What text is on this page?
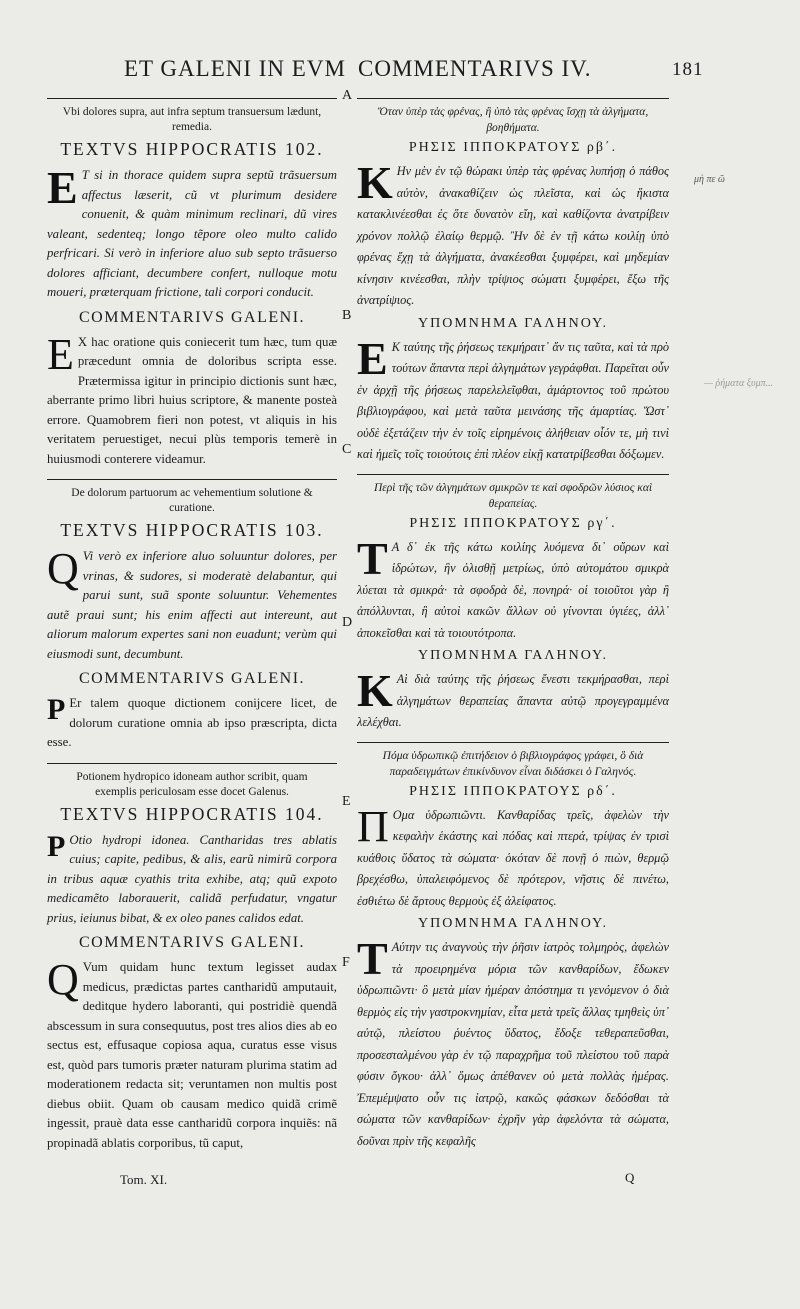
ET GALENI IN EVM COMMENTARIVS IV.	181
A
B
C
D
E
F
μὴ πε ῶ
— ῥήματα ξυμπ...
Vbi dolores supra, aut infra septum transuersum lædunt, remedia.
TEXTVS HIPPOCRATIS 102.

E T si in thorace quidem supra septũ trãsuersum affectus læserit, cũ vt plurimum desidere conuenit, & quàm minimum reclinari, dũ vires valeant, sedenteq; longo tẽpore oleo multo calido perfricari. Si verò in inferiore aluo sub septo trãsuerso dolores afficiant, decumbere confert, nulloque motu moueri, præterquam frictione, tali corpori conducit.

COMMENTARIVS GALENI.

E X hac oratione quis coniecerit tum hæc, tum quæ præcedunt omnia de doloribus scripta esse. Prætermissa igitur in principio dictionis sunt hæc, aberrante primo libri huius scriptore, & manente posteà errore. Quamobrem fieri non potest, vt aliquis in his veritatem peruestiget, necui plùs temporis temerè in huiusmodi conterere videamur.

De dolorum partuorum ac vehementium solutione & curatione.
TEXTVS HIPPOCRATIS 103.

Q Vi verò ex inferiore aluo soluuntur dolores, per vrinas, & sudores, si moderatè delabantur, qui parui sunt, suã sponte soluuntur. Vehementes autẽ praui sunt; his enim affecti aut intereunt, aut aliorum malorum expertes sani non euadunt; verùm qui eiusmodi sunt, decumbunt.

COMMENTARIVS GALENI.

P Er talem quoque dictionem conijcere licet, de dolorum curatione omnia ab ipso præscripta, dicta esse.

Potionem hydropico idoneam author scribit, quam exemplis periculosam esse docet Galenus.
TEXTVS HIPPOCRATIS 104.

P Otio hydropi idonea. Cantharidas tres ablatis cuius; capite, pedibus, & alis, earũ nimirũ corpora in tribus aquæ cyathis trita exhibe, atq; quũ expoto medicamẽto laborauerit, calidã perfudatur, vngatur prius, ieiunus bibat, & ex oleo panes calidos edat.

COMMENTARIVS GALENI.

Q Vum quidam hunc textum legisset audax medicus, prædictas partes cantharidũ amputauit, deditque hydero laboranti, qui postridiè quendã abscessum in sura consequutus, post tres alios dies ab eo sectus est, effusaque copiosa aqua, curatus esse visus est, quòd pars tumoris præter naturam plurima statim ad moderationem redacta sit; veruntamen non multis post diebus obiit. Quam ob causam medico quidã crimẽ ingessit, prauè data esse cantharidũ corpora inquiẽs: nã propinadã ablatis corporibus, tũ caput,

Tom. XI.
Ὅταν ὑπὲρ τὰς φρένας, ἢ ὑπὸ τὰς φρένας ἴσχῃ τὰ ἀλγήματα, βοηθήματα.
ΡΗΣΙΣ ΙΠΠΟΚΡΑΤΟΥΣ ρβ΄.

Κ Ην μὲν ἐν τῷ θώρακι ὑπὲρ τὰς φρένας λυπήσῃ ὁ πάθος αὐτὸν, ἀνακαθίζειν ὡς πλεῖστα, καὶ ὡς ἥκιστα κατακλινέεσθαι ἐς ὅτε δυνατὸν εἴη, καὶ καθίζοντα ἀνατρίβειν χρόνον πολλῷ ἐλαίῳ θερμῷ. Ἢν δὲ ἐν τῇ κάτω κοιλίῃ ὑπὸ φρένας ἔχῃ τὰ ἀλγήματα, ἀνακέεσθαι ξυμφέρει, καὶ μηδεμίαν κίνησιν κινέεσθαι, πλὴν τρίψιος σώματι ξυμφέρει, ἔξω τῆς ἀνατρίψιος.

ΥΠΟΜΝΗΜΑ ΓΑΛΗΝΟΥ.

Ε Κ ταύτης τῆς ῥήσεως τεκμήραιτ᾽ ἄν τις ταῦτα, καὶ τὰ πρὸ τούτων ἅπαντα περὶ ἀλγημάτων γεγράφθαι. Παρεῖται οὖν ἐν ἀρχῇ τῆς ῥήσεως παρελελεῖφθαι, ἁμάρτοντος τοῦ πρώτου βιβλιογράφου, καὶ μετὰ ταῦτα μεινάσης τῆς ἁμαρτίας. Ὥστ᾽ οὐδὲ ἐξετάζειν τὴν ἐν τοῖς εἰρημένοις ἀλήθειαν οἷόν τε, μὴ τινὶ καὶ ἡμεῖς τοῖς τοιούτοις ἐπὶ πλέον εἰκῇ κατατρίβεσθαι δόξωμεν.

Περὶ τῆς τῶν ἀλγημάτων σμικρῶν τε καὶ σφοδρῶν λύσιος καὶ θεραπείας.
ΡΗΣΙΣ ΙΠΠΟΚΡΑΤΟΥΣ ργ΄.

Τ Α δ᾽ ἐκ τῆς κάτω κοιλίης λυόμενα δι᾽ οὔρων καὶ ἱδρώτων, ἣν ὀλισθῇ μετρίως, ὑπὸ αὐτομάτου σμικρὰ λύεται τὰ σμικρά· τὰ σφοδρὰ δὲ, πονηρά· οἱ τοιοῦτοι γὰρ ἢ ἀπόλλυνται, ἢ αὐτοὶ κακῶν ἄλλων οὐ γίνονται ὑγιέες, ἀλλ᾽ ἀποκεῖσθαι καὶ τὰ τοιουτότροπα.

ΥΠΟΜΝΗΜΑ ΓΑΛΗΝΟΥ.

Κ Αὶ διὰ ταύτης τῆς ῥήσεως ἔνεστι τεκμήρασθαι, περὶ ἀλγημάτων θεραπείας ἅπαντα αὐτῷ προγεγραμμένα λελέχθαι.

Πόμα ὑδρωπικῷ ἐπιτήδειον ὁ βιβλιογράφος γράφει, ὃ διὰ παραδειγμάτων ἐπικίνδυνον εἶναι διδάσκει ὁ Γαληνός.
ΡΗΣΙΣ ΙΠΠΟΚΡΑΤΟΥΣ ρδ΄.

Π Ομα ὑδρωπιῶντι. Κανθαρίδας τρεῖς, ἀφελὼν τὴν κεφαλὴν ἑκάστης καὶ πόδας καὶ πτερά, τρίψας ἐν τρισὶ κυάθοις ὕδατος τὰ σώματα· ὁκόταν δὲ πονῇ ὁ πιὼν, θερμῷ βρεχέσθω, ὑπαλειφόμενος δὲ πρότερον, νῆστις δὲ πινέτω, ἐσθιέτω δὲ ἄρτους θερμοὺς ἐξ ἀλείφατος.

ΥΠΟΜΝΗΜΑ ΓΑΛΗΝΟΥ.

Τ Αύτην τις ἀναγνοὺς τὴν ῥῆσιν ἰατρὸς τολμηρὸς, ἀφελὼν τὰ προειρημένα μόρια τῶν κανθαρίδων, ἔδωκεν ὑδρωπιῶντι· ὃ μετὰ μίαν ἡμέραν ἀπόστημα τι γενόμενον ὁ διὰ θερμὸς εἰς τὴν γαστροκνημίαν, εἶτα μετὰ τρεῖς ἄλλας τμηθεὶς ὑπ᾽ αὐτῷ, πλείστου ῥυέντος ὕδατος, ἔδοξε τεθεραπεῦσθαι, προσεσταλμένου γὰρ ἐν τῷ παραχρῆμα τοῦ πλείστου τοῦ παρὰ φύσιν ὄγκου· ἀλλ᾽ ὅμως ἀπέθανεν οὐ μετὰ πολλὰς ἡμέρας. Ἐπεμέμψατο οὖν τις ἰατρῷ, κακῶς φάσκων δεδόσθαι τὰ σώματα τῶν κανθαρίδων· ἐχρῆν γὰρ ἀφελόντα τὰ σώματα, δοῦναι πρὶν τῆς κεφαλῆς

Q
